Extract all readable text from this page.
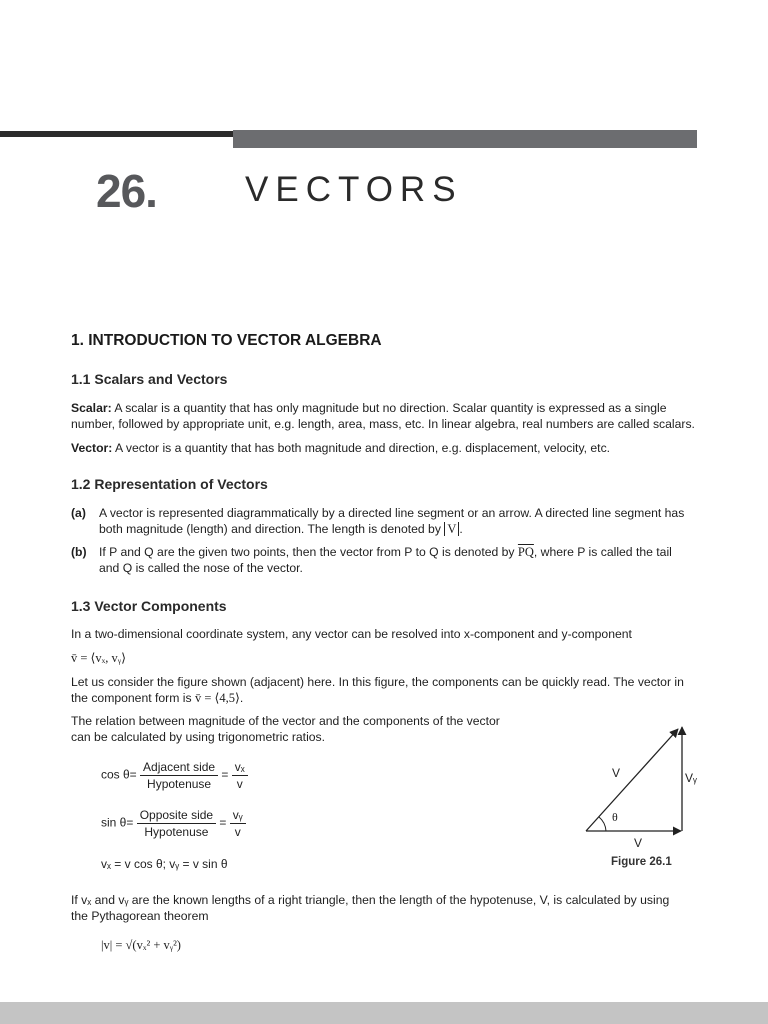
26.	VECTORS
1. INTRODUCTION TO VECTOR ALGEBRA
1.1 Scalars and Vectors
Scalar: A scalar is a quantity that has only magnitude but no direction. Scalar quantity is expressed as a single
number, followed by appropriate unit, e.g. length, area, mass, etc. In linear algebra, real numbers are called scalars.
Vector: A vector is a quantity that has both magnitude and direction, e.g. displacement, velocity, etc.
1.2 Representation of Vectors
(a) A vector is represented diagrammatically by a directed line segment or an arrow. A directed line segment has
both magnitude (length) and direction. The length is denoted by V .
(b) If P and Q are the given two points, then the vector from P to Q is denoted by $\overline{PQ}$, where P is called the tail
and Q is called the nose of the vector.
1.3 Vector Components
In a two-dimensional coordinate system, any vector can be resolved into x-component and y-component
v̄ = ⟨vₓ, vᵧ⟩
Let us consider the figure shown (adjacent) here. In this figure, the components can be quickly read. The vector in
the component form is v̄ = ⟨4,5⟩.
The relation between magnitude of the vector and the components of the vector
can be calculated by using trigonometric ratios.
$\cos \theta= \frac{\text{Adjacent side}}{\text{Hypotenuse}} = \frac{\text{vₓ}}{v}$
$\sin \theta= \frac{\text{Opposite side}}{\text{Hypotenuse}} = \frac{\text{vᵧ}}{v}$
vₓ = v cos θ; vᵧ = v sin θ
V	Vᵧ
θ
V
Figure 26.1
If vₓ and vᵧ are the known lengths of a right triangle, then the length of the hypotenuse, V, is calculated by using
the Pythagorean theorem
|v| = √(vₓ² + vᵧ²)
